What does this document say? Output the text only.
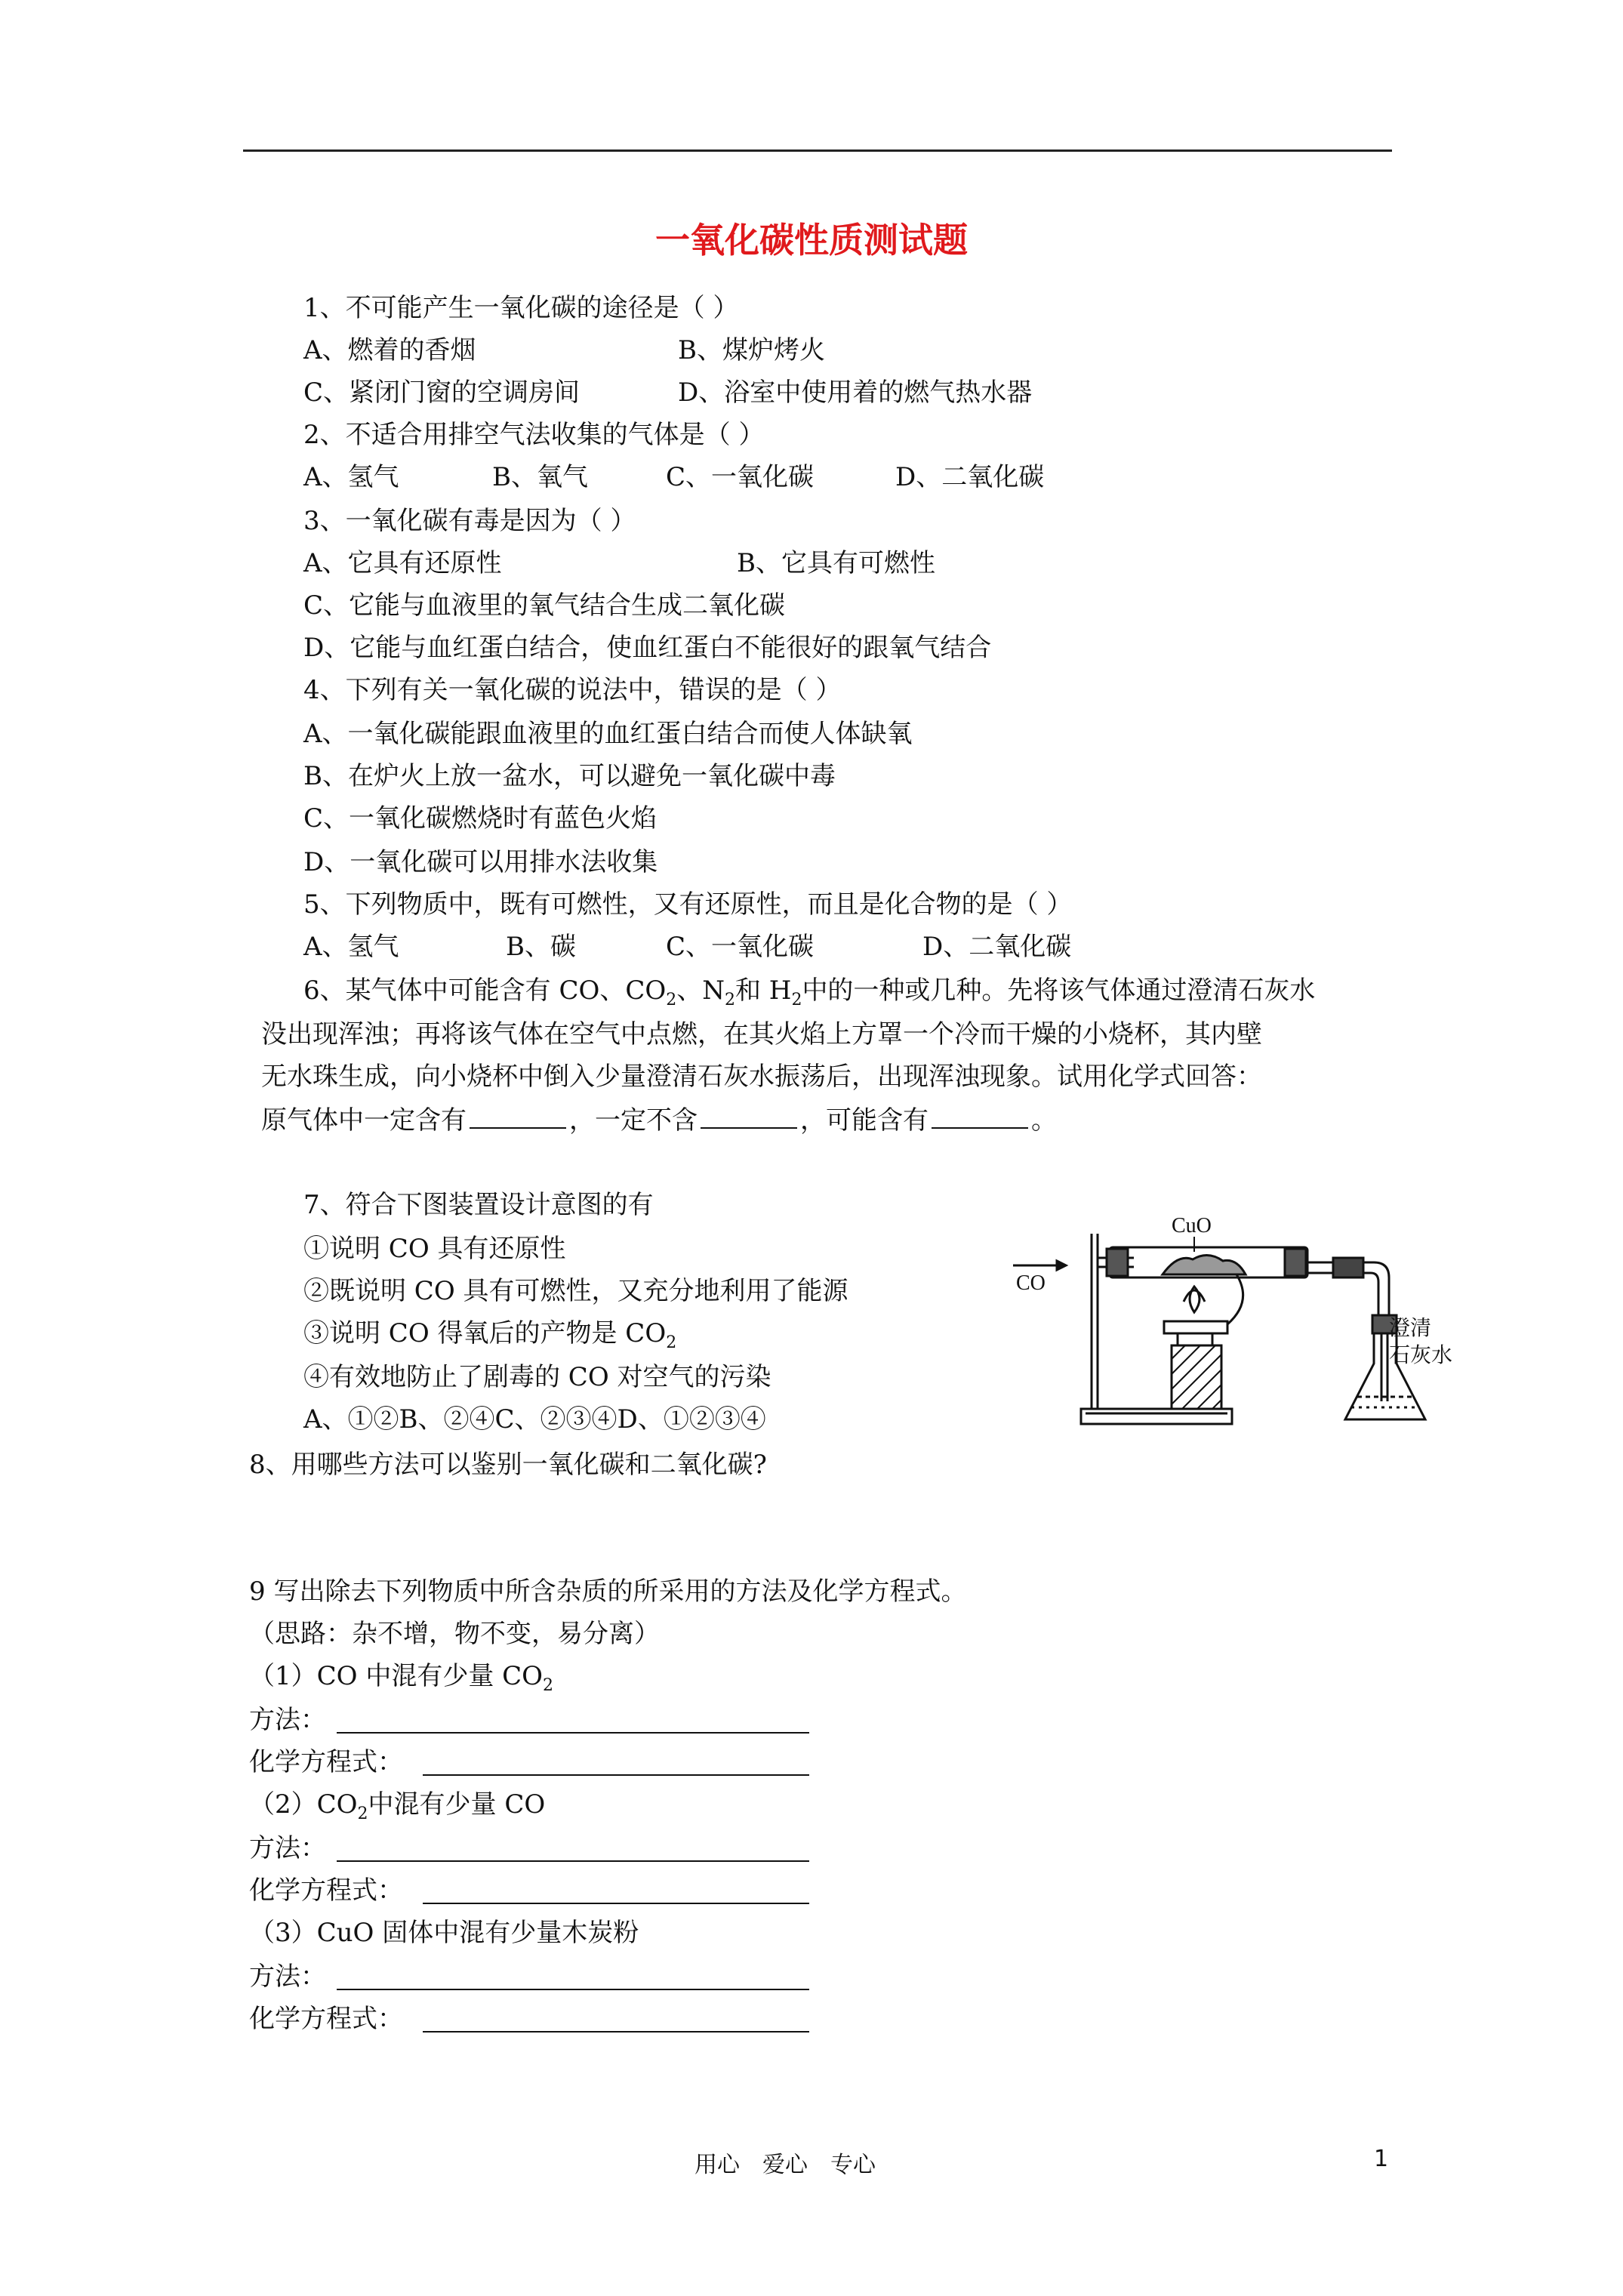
一氧化碳性质测试题
1、不可能产生一氧化碳的途径是（ ）
A、燃着的香烟	B、煤炉烤火
C、紧闭门窗的空调房间	D、浴室中使用着的燃气热水器
2、不适合用排空气法收集的气体是（ ）
A、氢气	B、氧气	C、一氧化碳	D、二氧化碳
3、一氧化碳有毒是因为（ ）
A、它具有还原性	B、它具有可燃性
C、它能与血液里的氧气结合生成二氧化碳
D、它能与血红蛋白结合，使血红蛋白不能很好的跟氧气结合
4、下列有关一氧化碳的说法中，错误的是（ ）
A、一氧化碳能跟血液里的血红蛋白结合而使人体缺氧
B、在炉火上放一盆水，可以避免一氧化碳中毒
C、一氧化碳燃烧时有蓝色火焰
D、一氧化碳可以用排水法收集
5、下列物质中，既有可燃性，又有还原性，而且是化合物的是（ ）
A、氢气	B、碳	C、一氧化碳	D、二氧化碳
6、某气体中可能含有 CO、$CO_2$、$N_2$和 $H_2$中的一种或几种。先将该气体通过澄清石灰水
没出现浑浊；再将该气体在空气中点燃，在其火焰上方罩一个冷而干燥的小烧杯，其内壁
无水珠生成，向小烧杯中倒入少量澄清石灰水振荡后，出现浑浊现象。试用化学式回答：
原气体中一定含有	，一定不含	，可能含有	。
7、符合下图装置设计意图的有
①说明 CO 具有还原性
②既说明 CO 具有可燃性，又充分地利用了能源
③说明 CO 得氧后的产物是 $CO_2$
④有效地防止了剧毒的 CO 对空气的污染
A、①②B、②④C、②③④D、①②③④
CuO
CO
澄清
石灰水
8、用哪些方法可以鉴别一氧化碳和二氧化碳?
9 写出除去下列物质中所含杂质的所采用的方法及化学方程式。
（思路：杂不增，物不变，易分离）
（1）CO 中混有少量 $CO_2$
方法：
化学方程式：
$(2)CO_2$中混有少量 CO
方法：
化学方程式：
（3）CuO 固体中混有少量木炭粉
方法：
化学方程式：
用心　爱心　专心	1
